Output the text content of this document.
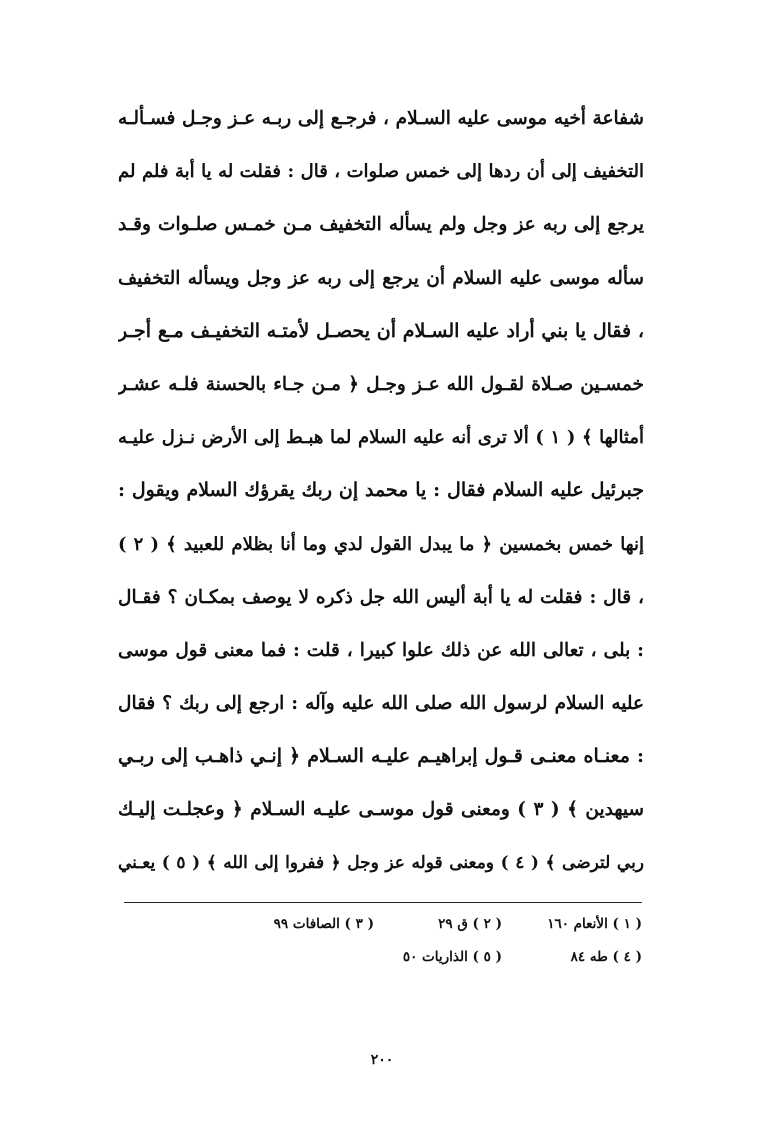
شفاعة أخيه موسى عليه السـلام ، فرجـع إلى ربـه عـز وجـل فسـألـه
التخفيف إلى أن ردها إلى خمس صلوات ، قال : فقلت له يا أبة فلم لم
يرجع إلى ربه عز وجل ولم يسأله التخفيف مـن خمـس صلـوات وقـد
سأله موسى عليه السلام أن يرجع إلى ربه عز وجل ويسأله التخفيف
، فقال يا بني أراد عليه السـلام أن يحصـل لأمتـه التخفيـف مـع أجـر
خمسـين صـلاة لقـول الله عـز وجـل ﴿ مـن جـاء بالحسنة فلـه عشـر
أمثالها ﴾ ( ١ ) ألا ترى أنه عليه السلام لما هبـط إلى الأرض نـزل عليـه
جبرئيل عليه السلام فقال : يا محمد إن ربك يقرؤك السلام ويقول :
إنها خمس بخمسين ﴿ ما يبدل القول لدي وما أنا بظلام للعبيد ﴾ ( ٢ )
، قال : فقلت له يا أبة أليس الله جل ذكره لا يوصف بمكـان ؟ فقـال
: بلى ، تعالى الله عن ذلك علوا كبيرا ، قلت : فما معنى قول موسى
عليه السلام لرسول الله صلى الله عليه وآله : ارجع إلى ربك ؟ فقال
: معنـاه معنـى قـول إبراهيـم عليـه السـلام ﴿ إنـي ذاهـب إلى ربـي
سيهدين ﴾ ( ٣ ) ومعنى قول موسـى عليـه السـلام ﴿ وعجلـت إليـك
ربي لترضى ﴾ ( ٤ ) ومعنى قوله عز وجل ﴿ ففروا إلى الله ﴾ ( ٥ ) يعـني
( ١ ) الأنعام ١٦٠
( ٢ ) ق ٢٩
( ٣ ) الصافات ٩٩
( ٤ ) طه ٨٤
( ٥ ) الذاريات ٥٠
٢٠٠
